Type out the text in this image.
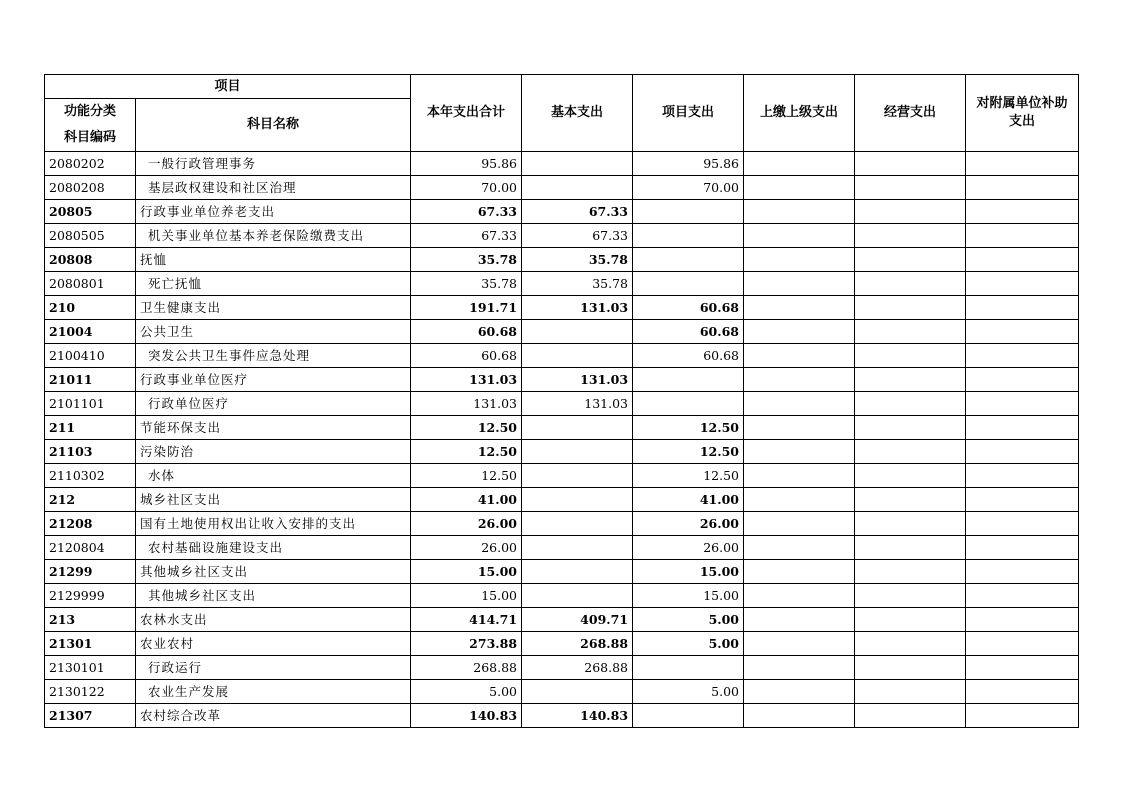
项目		本年支出合计	基本支出	项目支出	上缴上级支出	经营支出	对附属单位补助支出
功能分类科目编码	科目名称						
2080202	一般行政管理事务	95.86		95.86			
2080208	基层政权建设和社区治理	70.00		70.00			
20805	行政事业单位养老支出	67.33	67.33				
2080505	机关事业单位基本养老保险缴费支出	67.33	67.33				
20808	抚恤	35.78	35.78				
2080801	死亡抚恤	35.78	35.78				
210	卫生健康支出	191.71	131.03	60.68			
21004	公共卫生	60.68		60.68			
2100410	突发公共卫生事件应急处理	60.68		60.68			
21011	行政事业单位医疗	131.03	131.03				
2101101	行政单位医疗	131.03	131.03				
211	节能环保支出	12.50		12.50			
21103	污染防治	12.50		12.50			
2110302	水体	12.50		12.50			
212	城乡社区支出	41.00		41.00			
21208	国有土地使用权出让收入安排的支出	26.00		26.00			
2120804	农村基础设施建设支出	26.00		26.00			
21299	其他城乡社区支出	15.00		15.00			
2129999	其他城乡社区支出	15.00		15.00			
213	农林水支出	414.71	409.71	5.00			
21301	农业农村	273.88	268.88	5.00			
2130101	行政运行	268.88	268.88				
2130122	农业生产发展	5.00		5.00			
21307	农村综合改革	140.83	140.83				
